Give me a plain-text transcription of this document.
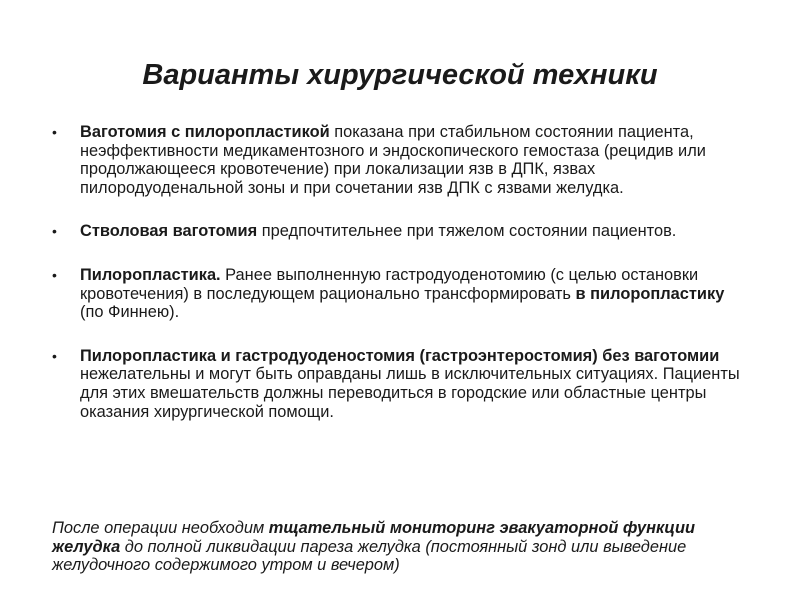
Варианты хирургической техники
• Ваготомия с пилоропластикой показана при стабильном состоянии пациента, неэффективности медикаментозного и эндоскопического гемостаза (рецидив или продолжающееся кровотечение) при локализации язв в ДПК, язвах пилородуоденальной зоны и при сочетании язв ДПК с язвами желудка.
• Стволовая ваготомия предпочтительнее при тяжелом состоянии пациентов.
• Пилоропластика. Ранее выполненную гастродуоденотомию (с целью остановки кровотечения) в последующем рационально трансформировать в пилоропластику (по Финнею).
• Пилоропластика и гастродуоденостомия (гастроэнтеростомия) без ваготомии нежелательны и могут быть оправданы лишь в исключительных ситуациях. Пациенты для этих вмешательств должны переводиться в городские или областные центры оказания хирургической помощи.

После операции необходим тщательный мониторинг эвакуаторной функции желудка до полной ликвидации пареза желудка (постоянный зонд или выведение желудочного содержимого утром и вечером)
